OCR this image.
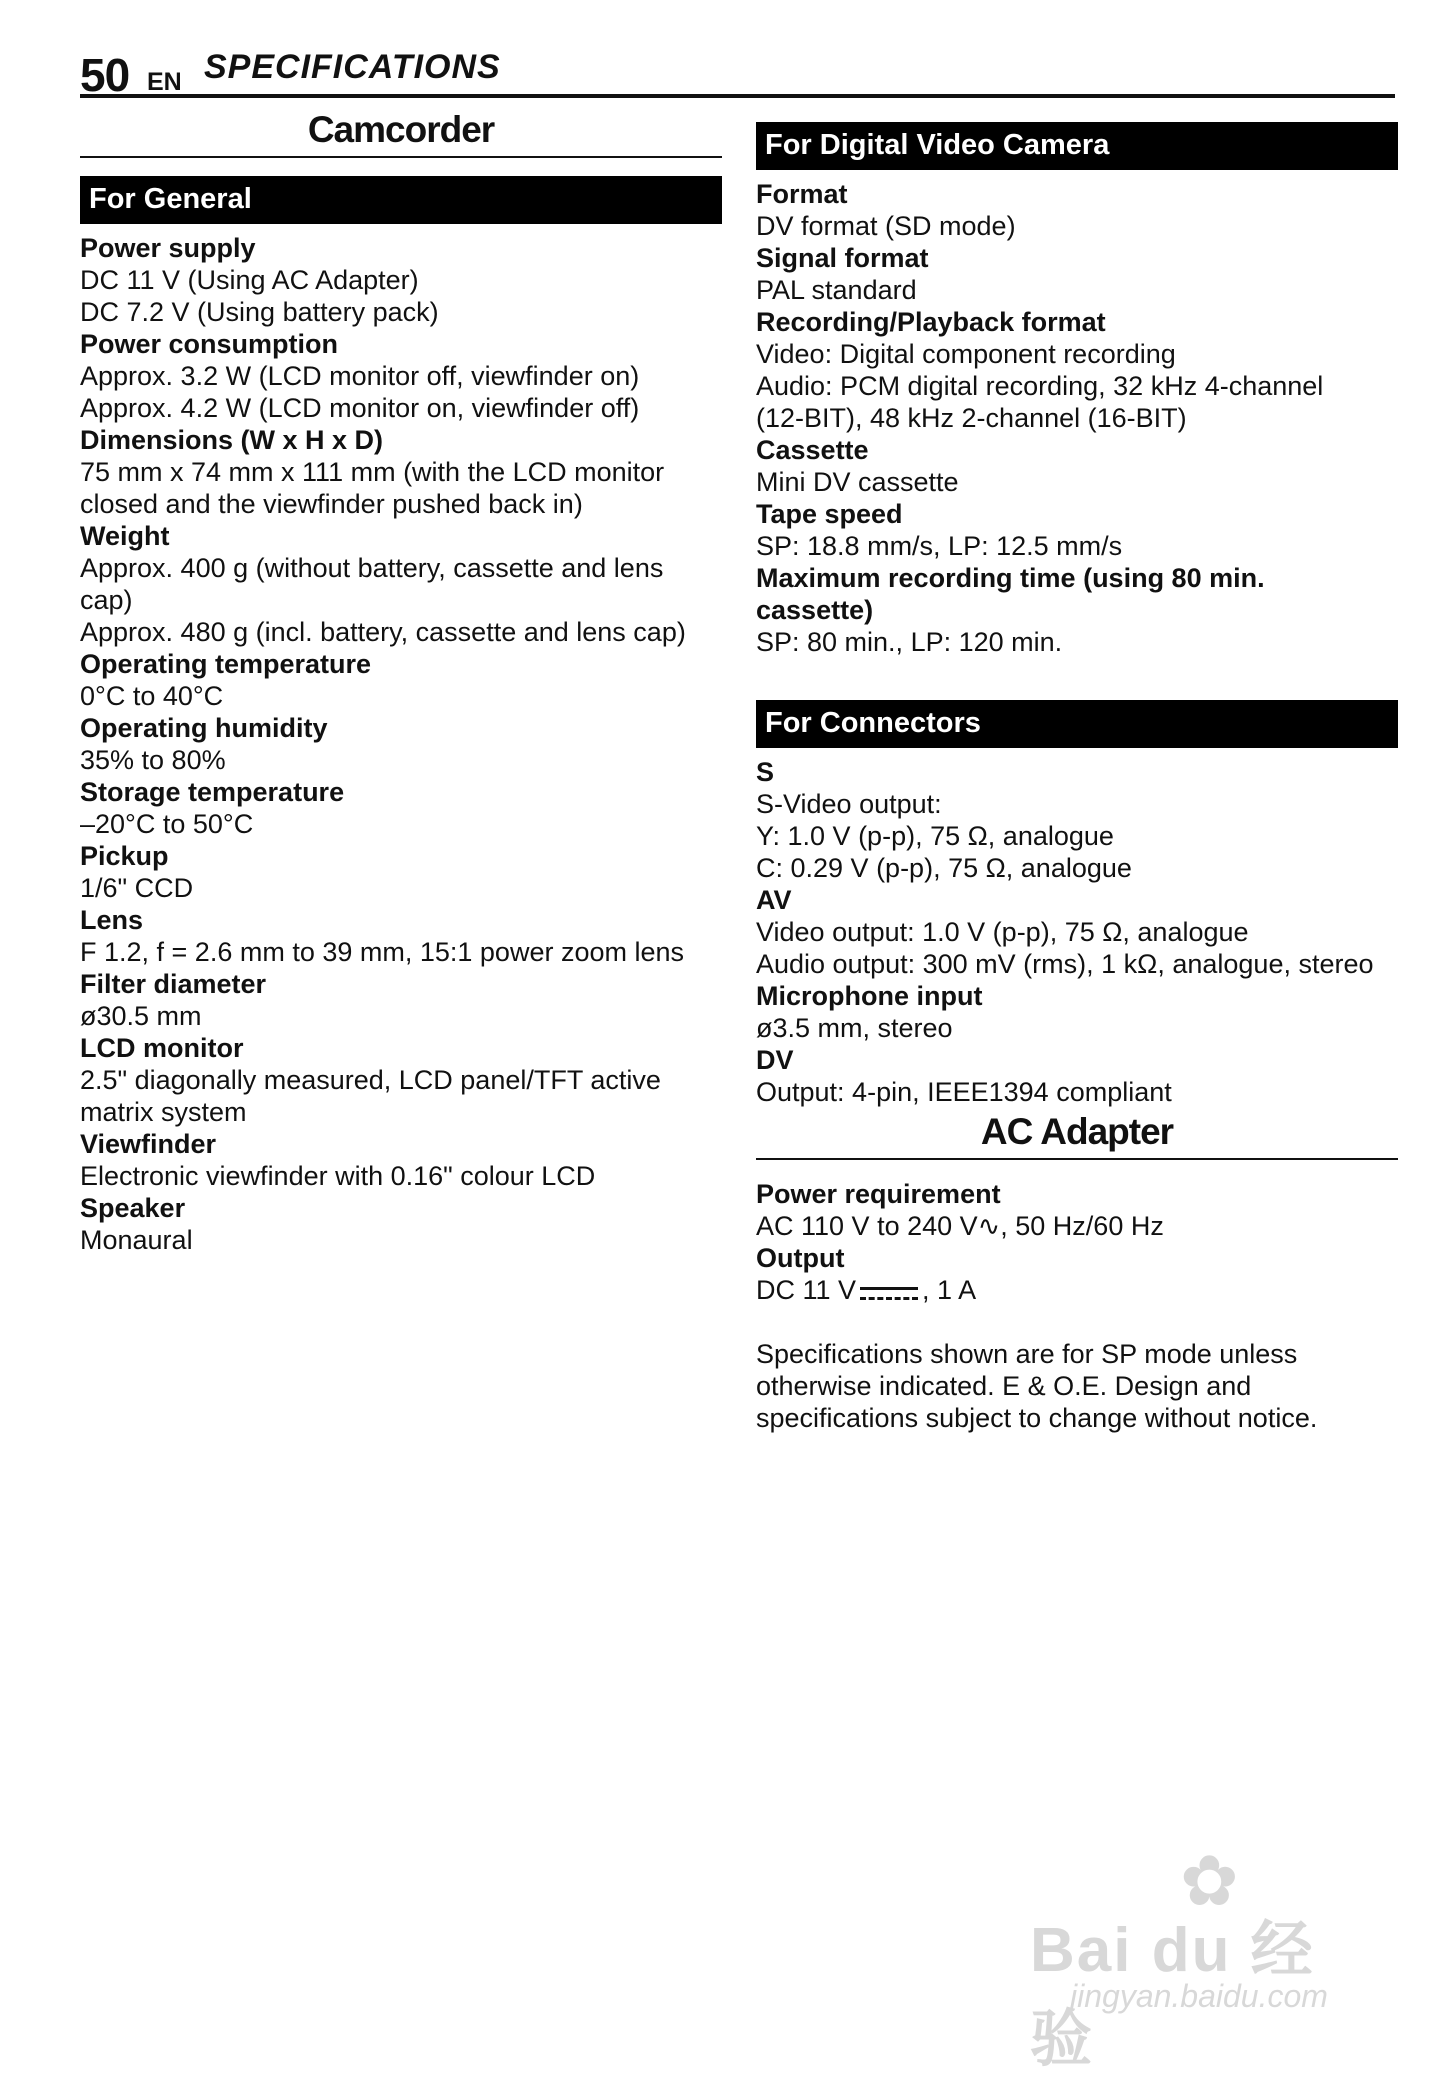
50 EN SPECIFICATIONS
Camcorder
For General
Power supply
DC 11 V (Using AC Adapter)
DC 7.2 V (Using battery pack)
Power consumption
Approx. 3.2 W (LCD monitor off, viewfinder on)
Approx. 4.2 W (LCD monitor on, viewfinder off)
Dimensions (W x H x D)
75 mm x 74 mm x 111 mm (with the LCD monitor
closed and the viewfinder pushed back in)
Weight
Approx. 400 g (without battery, cassette and lens
cap)
Approx. 480 g (incl. battery, cassette and lens cap)
Operating temperature
0°C to 40°C
Operating humidity
35% to 80%
Storage temperature
–20°C to 50°C
Pickup
1/6" CCD
Lens
F 1.2, f = 2.6 mm to 39 mm, 15:1 power zoom lens
Filter diameter
ø30.5 mm
LCD monitor
2.5" diagonally measured, LCD panel/TFT active
matrix system
Viewfinder
Electronic viewfinder with 0.16" colour LCD
Speaker
Monaural
For Digital Video Camera
Format
DV format (SD mode)
Signal format
PAL standard
Recording/Playback format
Video: Digital component recording
Audio: PCM digital recording, 32 kHz 4-channel
(12-BIT), 48 kHz 2-channel (16-BIT)
Cassette
Mini DV cassette
Tape speed
SP: 18.8 mm/s, LP: 12.5 mm/s
Maximum recording time (using 80 min.
cassette)
SP: 80 min., LP: 120 min.
For Connectors
S
S-Video output:
Y: 1.0 V (p-p), 75 Ω, analogue
C: 0.29 V (p-p), 75 Ω, analogue
AV
Video output: 1.0 V (p-p), 75 Ω, analogue
Audio output: 300 mV (rms), 1 kΩ, analogue, stereo
Microphone input
ø3.5 mm, stereo
DV
Output: 4-pin, IEEE1394 compliant
AC Adapter
Power requirement
AC 110 V to 240 V∿, 50 Hz/60 Hz
Output
DC 11 V , 1 A
Specifications shown are for SP mode unless
otherwise indicated. E & O.E. Design and
specifications subject to change without notice.
✿
Bai du 经验
jingyan.baidu.com
